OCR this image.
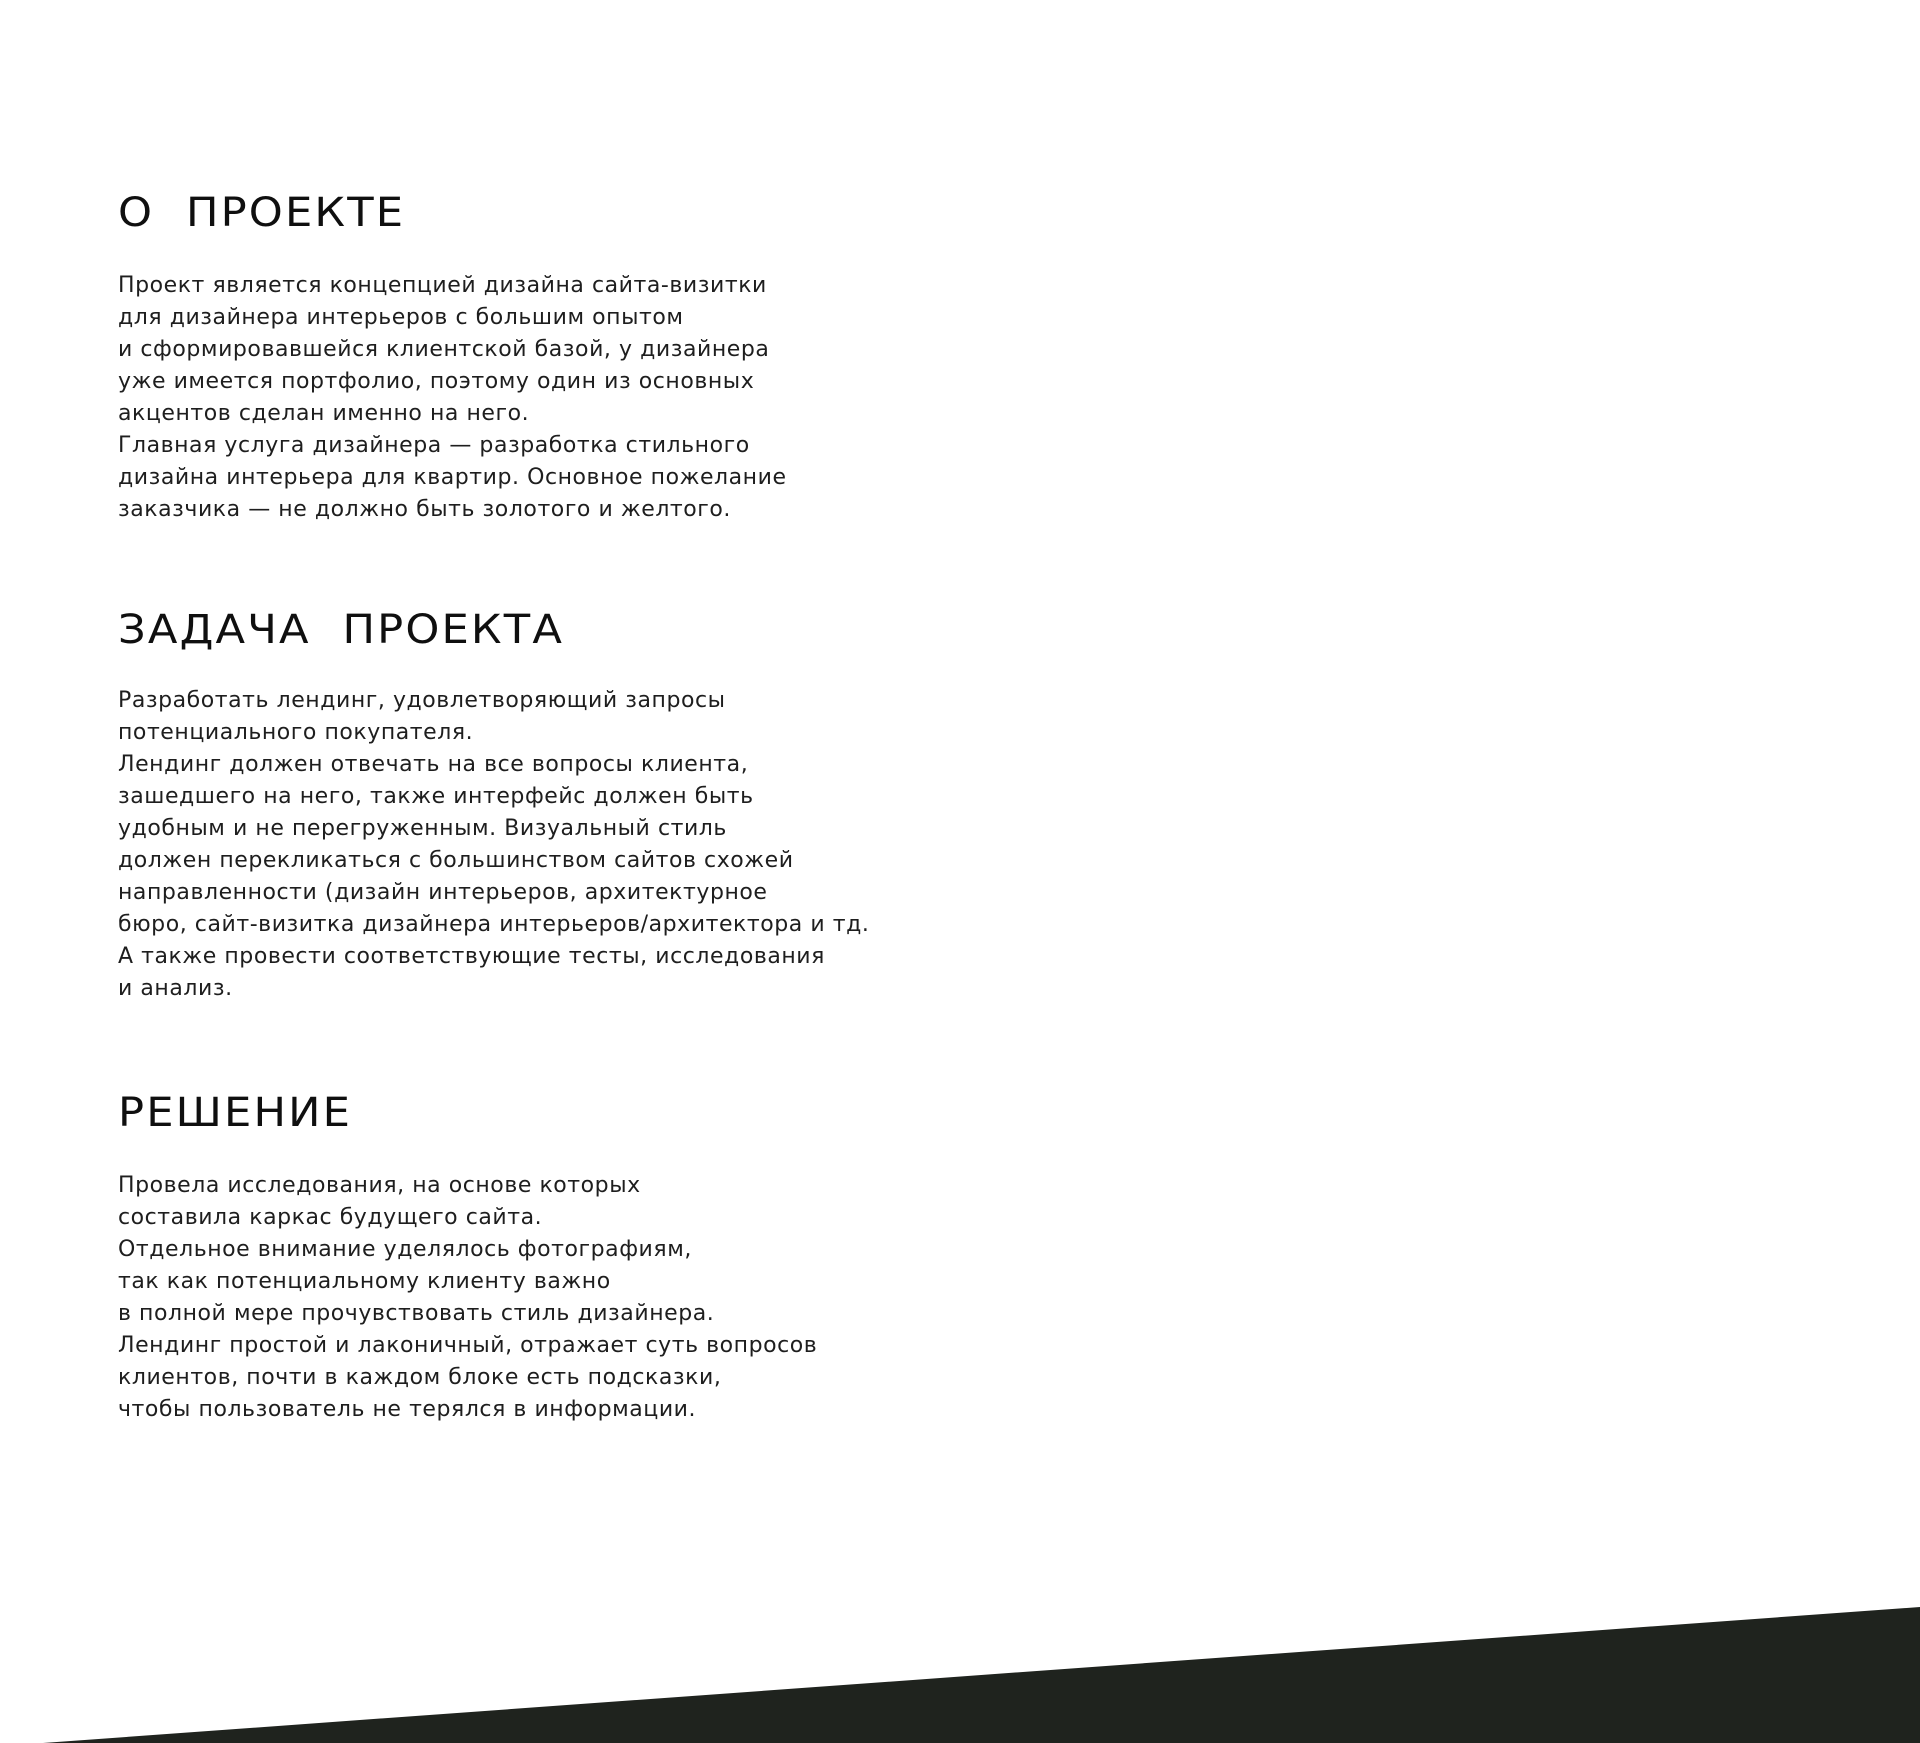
О  ПРОЕКТЕ

Проект является концепцией дизайна сайта-визитки
для дизайнера интерьеров с большим опытом
и сформировавшейся клиентской базой, у дизайнера
уже имеется портфолио, поэтому один из основных
акцентов сделан именно на него.
Главная услуга дизайнера — разработка стильного
дизайна интерьера для квартир. Основное пожелание
заказчика — не должно быть золотого и желтого.

ЗАДАЧА  ПРОЕКТА

Разработать лендинг, удовлетворяющий запросы
потенциального покупателя.
Лендинг должен отвечать на все вопросы клиента,
зашедшего на него, также интерфейс должен быть
удобным и не перегруженным. Визуальный стиль
должен перекликаться с большинством сайтов схожей
направленности (дизайн интерьеров, архитектурное
бюро, сайт-визитка дизайнера интерьеров/архитектора и тд.
А также провести соответствующие тесты, исследования
и анализ.

РЕШЕНИЕ

Провела исследования, на основе которых
составила каркас будущего сайта.
Отдельное внимание уделялось фотографиям,
так как потенциальному клиенту важно
в полной мере прочувствовать стиль дизайнера.
Лендинг простой и лаконичный, отражает суть вопросов
клиентов, почти в каждом блоке есть подсказки,
чтобы пользователь не терялся в информации.
